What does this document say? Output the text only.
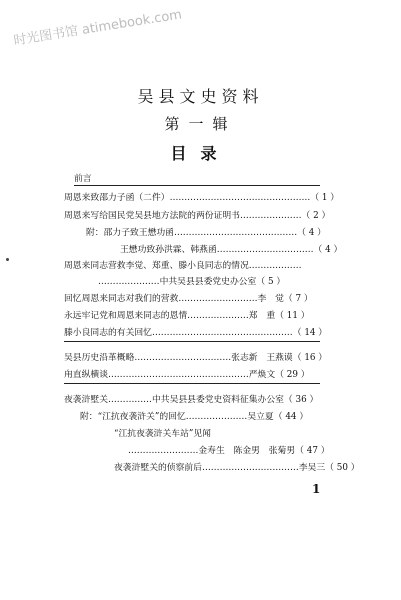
时光图书馆 atimebook.com
吴县文史资料
第一辑
目录
前言
周恩来致邵力子函（二件）…………………………………………（ 1 ）
周恩来写给国民党吴县地方法院的两份证明书…………………（ 2 ）
附：邵力子致王懋功函……………………………………（ 4 ）
王懋功致孙洪霖、韩燕函……………………………（ 4 ）
周恩来同志营救李觉、郑重、滕小良同志的情况………………
…………………中共吴县县委党史办公室（ 5 ）
回忆周恩来同志对我们的营救………………………李　觉（ 7 ）
永远牢记党和周恩来同志的恩情…………………郑　重（ 11 ）
滕小良同志的有关回忆…………………………………………（ 14 ）
吴县历史沿革概略……………………………张志新　王燕谟（ 16 ）
甪直纵横谈…………………………………………严焕文（ 29 ）
夜袭浒墅关……………中共吴县县委党史资料征集办公室（ 36 ）
附：“江抗夜袭浒关”的回忆…………………吴立夏（ 44 ）
“江抗夜袭浒关车站”见闻
……………………金寿生　陈金男　张菊男（ 47 ）
夜袭浒墅关的侦察前后……………………………李吴三（ 50 ）
1
